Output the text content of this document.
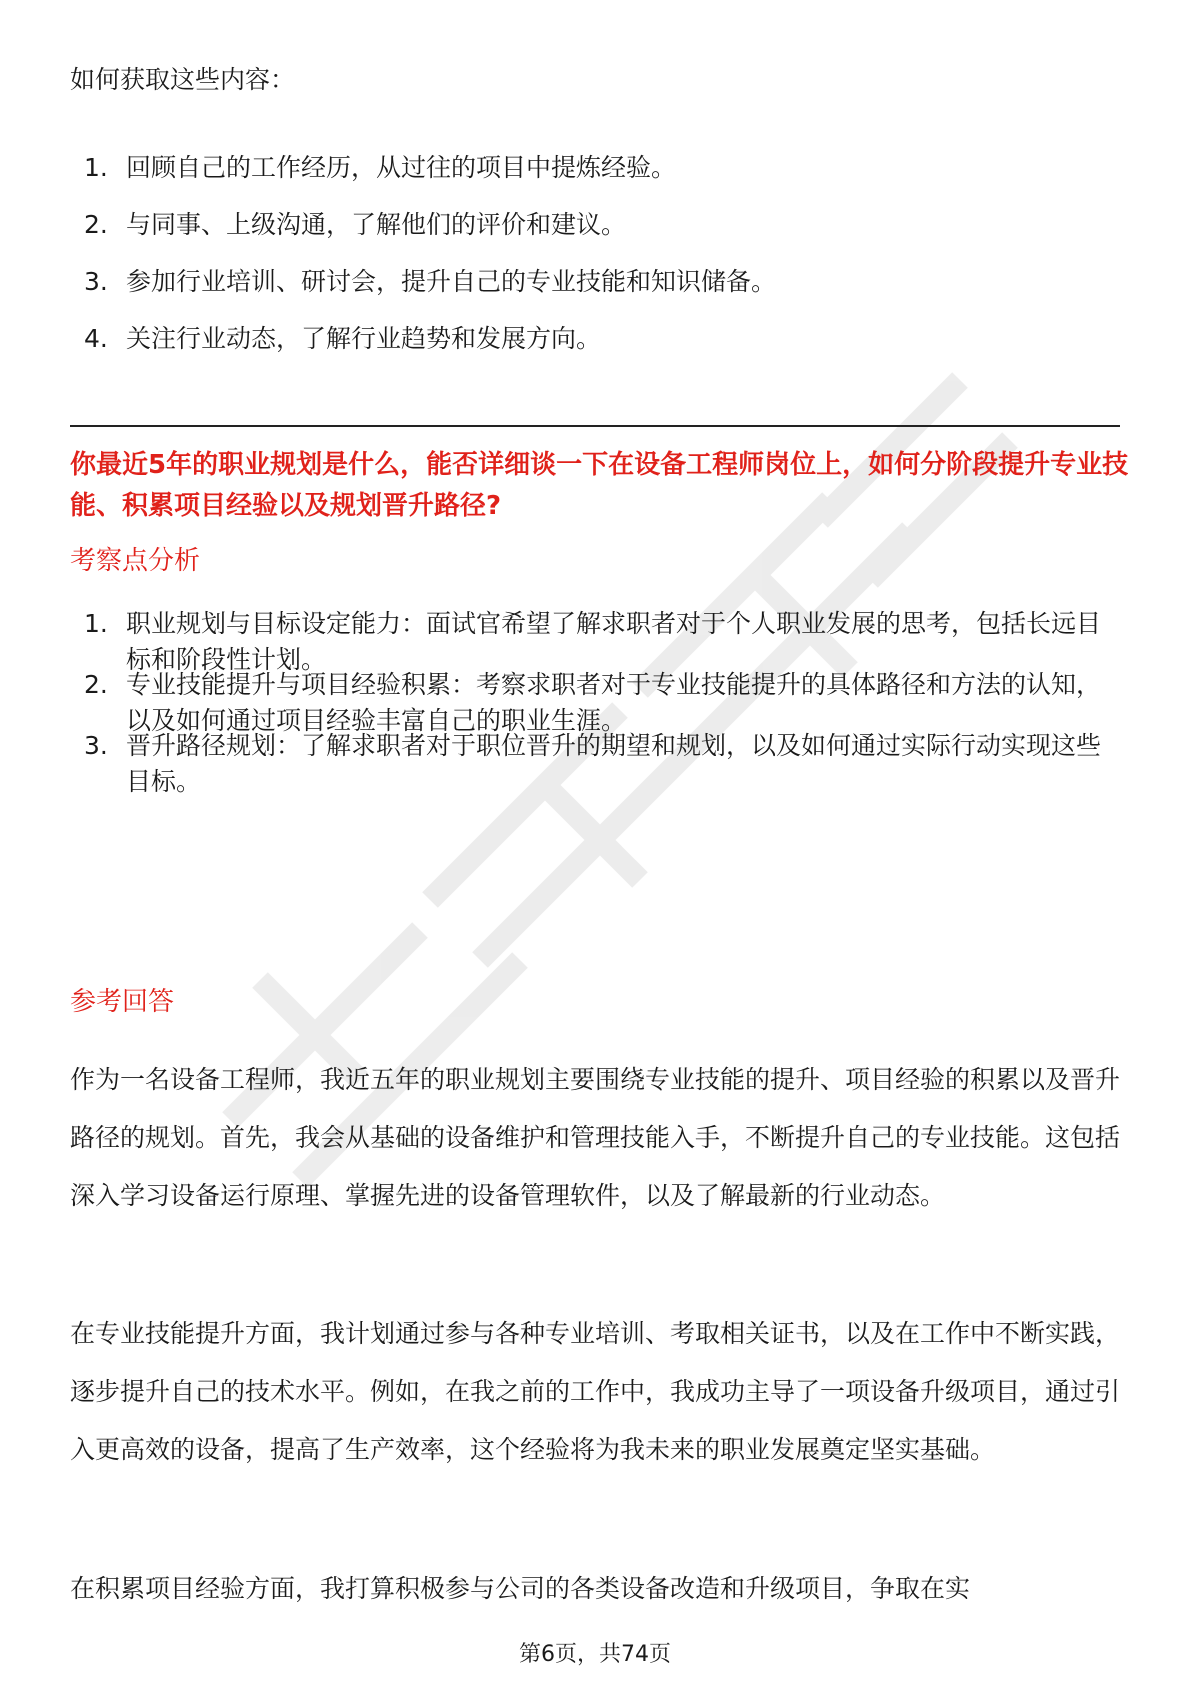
如何获取这些内容：
1. 回顾自己的工作经历，从过往的项目中提炼经验。
2. 与同事、上级沟通，了解他们的评价和建议。
3. 参加行业培训、研讨会，提升自己的专业技能和知识储备。
4. 关注行业动态，了解行业趋势和发展方向。
你最近5年的职业规划是什么，能否详细谈一下在设备工程师岗位上，如何分阶段提升专业技能、积累项目经验以及规划晋升路径?
考察点分析
1. 职业规划与目标设定能力：面试官希望了解求职者对于个人职业发展的思考，包括长远目标和阶段性计划。
2. 专业技能提升与项目经验积累：考察求职者对于专业技能提升的具体路径和方法的认知，以及如何通过项目经验丰富自己的职业生涯。
3. 晋升路径规划：了解求职者对于职位晋升的期望和规划，以及如何通过实际行动实现这些目标。
参考回答

作为一名设备工程师，我近五年的职业规划主要围绕专业技能的提升、项目经验的积累以及晋升路径的规划。首先，我会从基础的设备维护和管理技能入手，不断提升自己的专业技能。这包括深入学习设备运行原理、掌握先进的设备管理软件，以及了解最新的行业动态。

在专业技能提升方面，我计划通过参与各种专业培训、考取相关证书，以及在工作中不断实践，逐步提升自己的技术水平。例如，在我之前的工作中，我成功主导了一项设备升级项目，通过引入更高效的设备，提高了生产效率，这个经验将为我未来的职业发展奠定坚实基础。

在积累项目经验方面，我打算积极参与公司的各类设备改造和升级项目，争取在实

第6页，共74页
